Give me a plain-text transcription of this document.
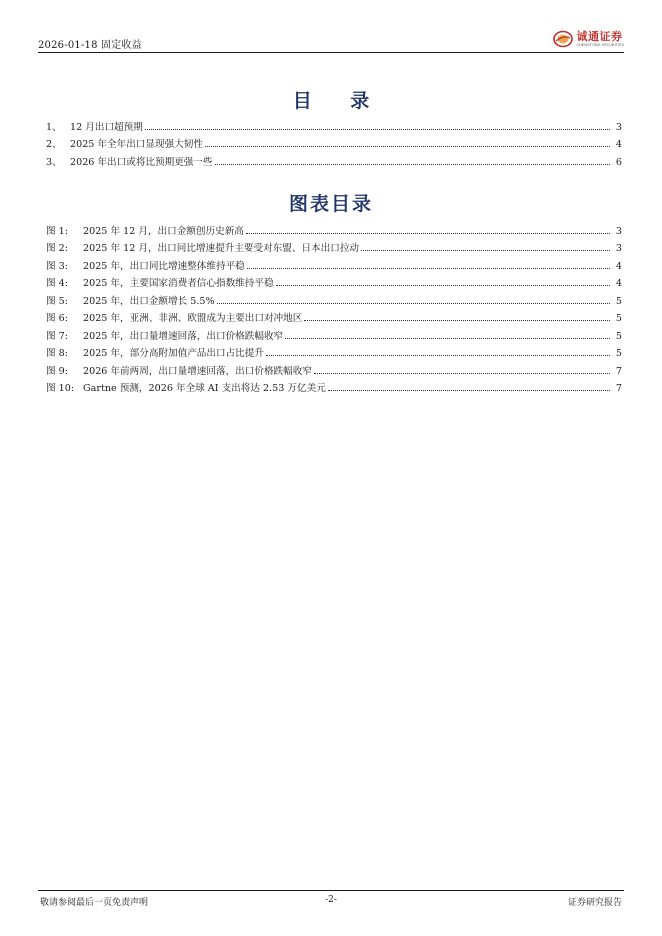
2026-01-18 固定收益
诚通证券
CHENGTONG SECURITIES
目 录
1、 12 月出口超预期	3
2、 2025 年全年出口显现强大韧性	4
3、 2026 年出口或将比预期更强一些	6
图表目录
图 1:	2025 年 12 月，出口金额创历史新高	3
图 2:	2025 年 12 月，出口同比增速提升主要受对东盟、日本出口拉动	3
图 3:	2025 年，出口同比增速整体维持平稳	4
图 4:	2025 年，主要国家消费者信心指数维持平稳	4
图 5:	2025 年，出口金额增长 5.5%	5
图 6:	2025 年，亚洲、非洲、欧盟成为主要出口对冲地区	5
图 7:	2025 年，出口量增速回落，出口价格跌幅收窄	5
图 8:	2025 年，部分高附加值产品出口占比提升	5
图 9:	2026 年前两周，出口量增速回落，出口价格跌幅收窄	7
图 10: Gartne 预测，2026 年全球 AI 支出将达 2.53 万亿美元	7
敬请参阅最后一页免责声明	-2-	证券研究报告
